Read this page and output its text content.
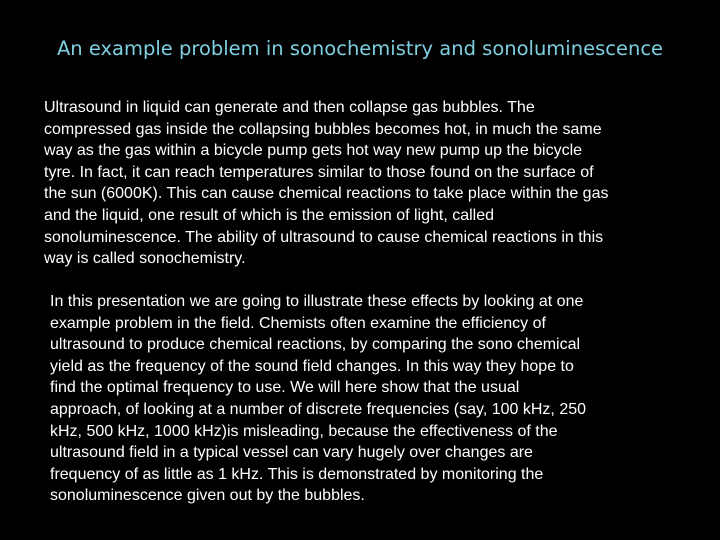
An example problem in sonochemistry and sonoluminescence
Ultrasound in liquid can generate and then collapse gas bubbles. The
compressed gas inside the collapsing bubbles becomes hot, in much the same
way as the gas within a bicycle pump gets hot way new pump up the bicycle
tyre. In fact, it can reach temperatures similar to those found on the surface of
the sun (6000K). This can cause chemical reactions to take place within the gas
and the liquid, one result of which is the emission of light, called
sonoluminescence. The ability of ultrasound to cause chemical reactions in this
way is called sonochemistry.
In this presentation we are going to illustrate these effects by looking at one
example problem in the field. Chemists often examine the efficiency of
ultrasound to produce chemical reactions, by comparing the sono chemical
yield as the frequency of the sound field changes. In this way they hope to
find the optimal frequency to use. We will here show that the usual
approach, of looking at a number of discrete frequencies (say, 100 kHz, 250
kHz, 500 kHz, 1000 kHz)is misleading, because the effectiveness of the
ultrasound field in a typical vessel can vary hugely over changes are
frequency of as little as 1 kHz. This is demonstrated by monitoring the
sonoluminescence given out by the bubbles.
